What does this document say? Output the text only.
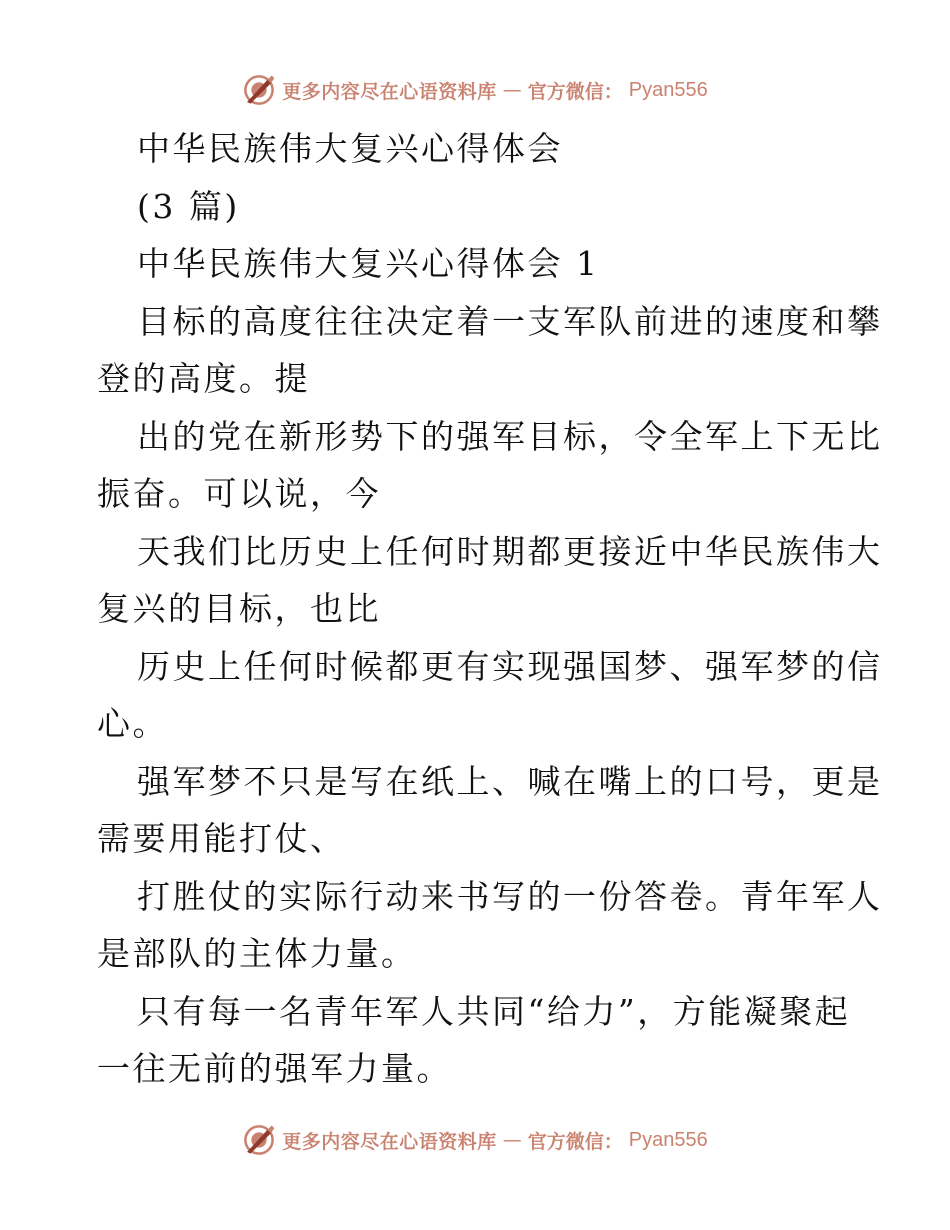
更多内容尽在心语资料库 — 官方微信： Pyan556
中华民族伟大复兴心得体会
(3 篇)
中华民族伟大复兴心得体会 1
目标的高度往往决定着一支军队前进的速度和攀
登的高度。提
出的党在新形势下的强军目标，令全军上下无比
振奋。可以说，今
天我们比历史上任何时期都更接近中华民族伟大
复兴的目标，也比
历史上任何时候都更有实现强国梦、强军梦的信
心。
强军梦不只是写在纸上、喊在嘴上的口号，更是
需要用能打仗、
打胜仗的实际行动来书写的一份答卷。青年军人
是部队的主体力量。
只有每一名青年军人共同“给力”，方能凝聚起
一往无前的强军力量。
更多内容尽在心语资料库 — 官方微信： Pyan556
